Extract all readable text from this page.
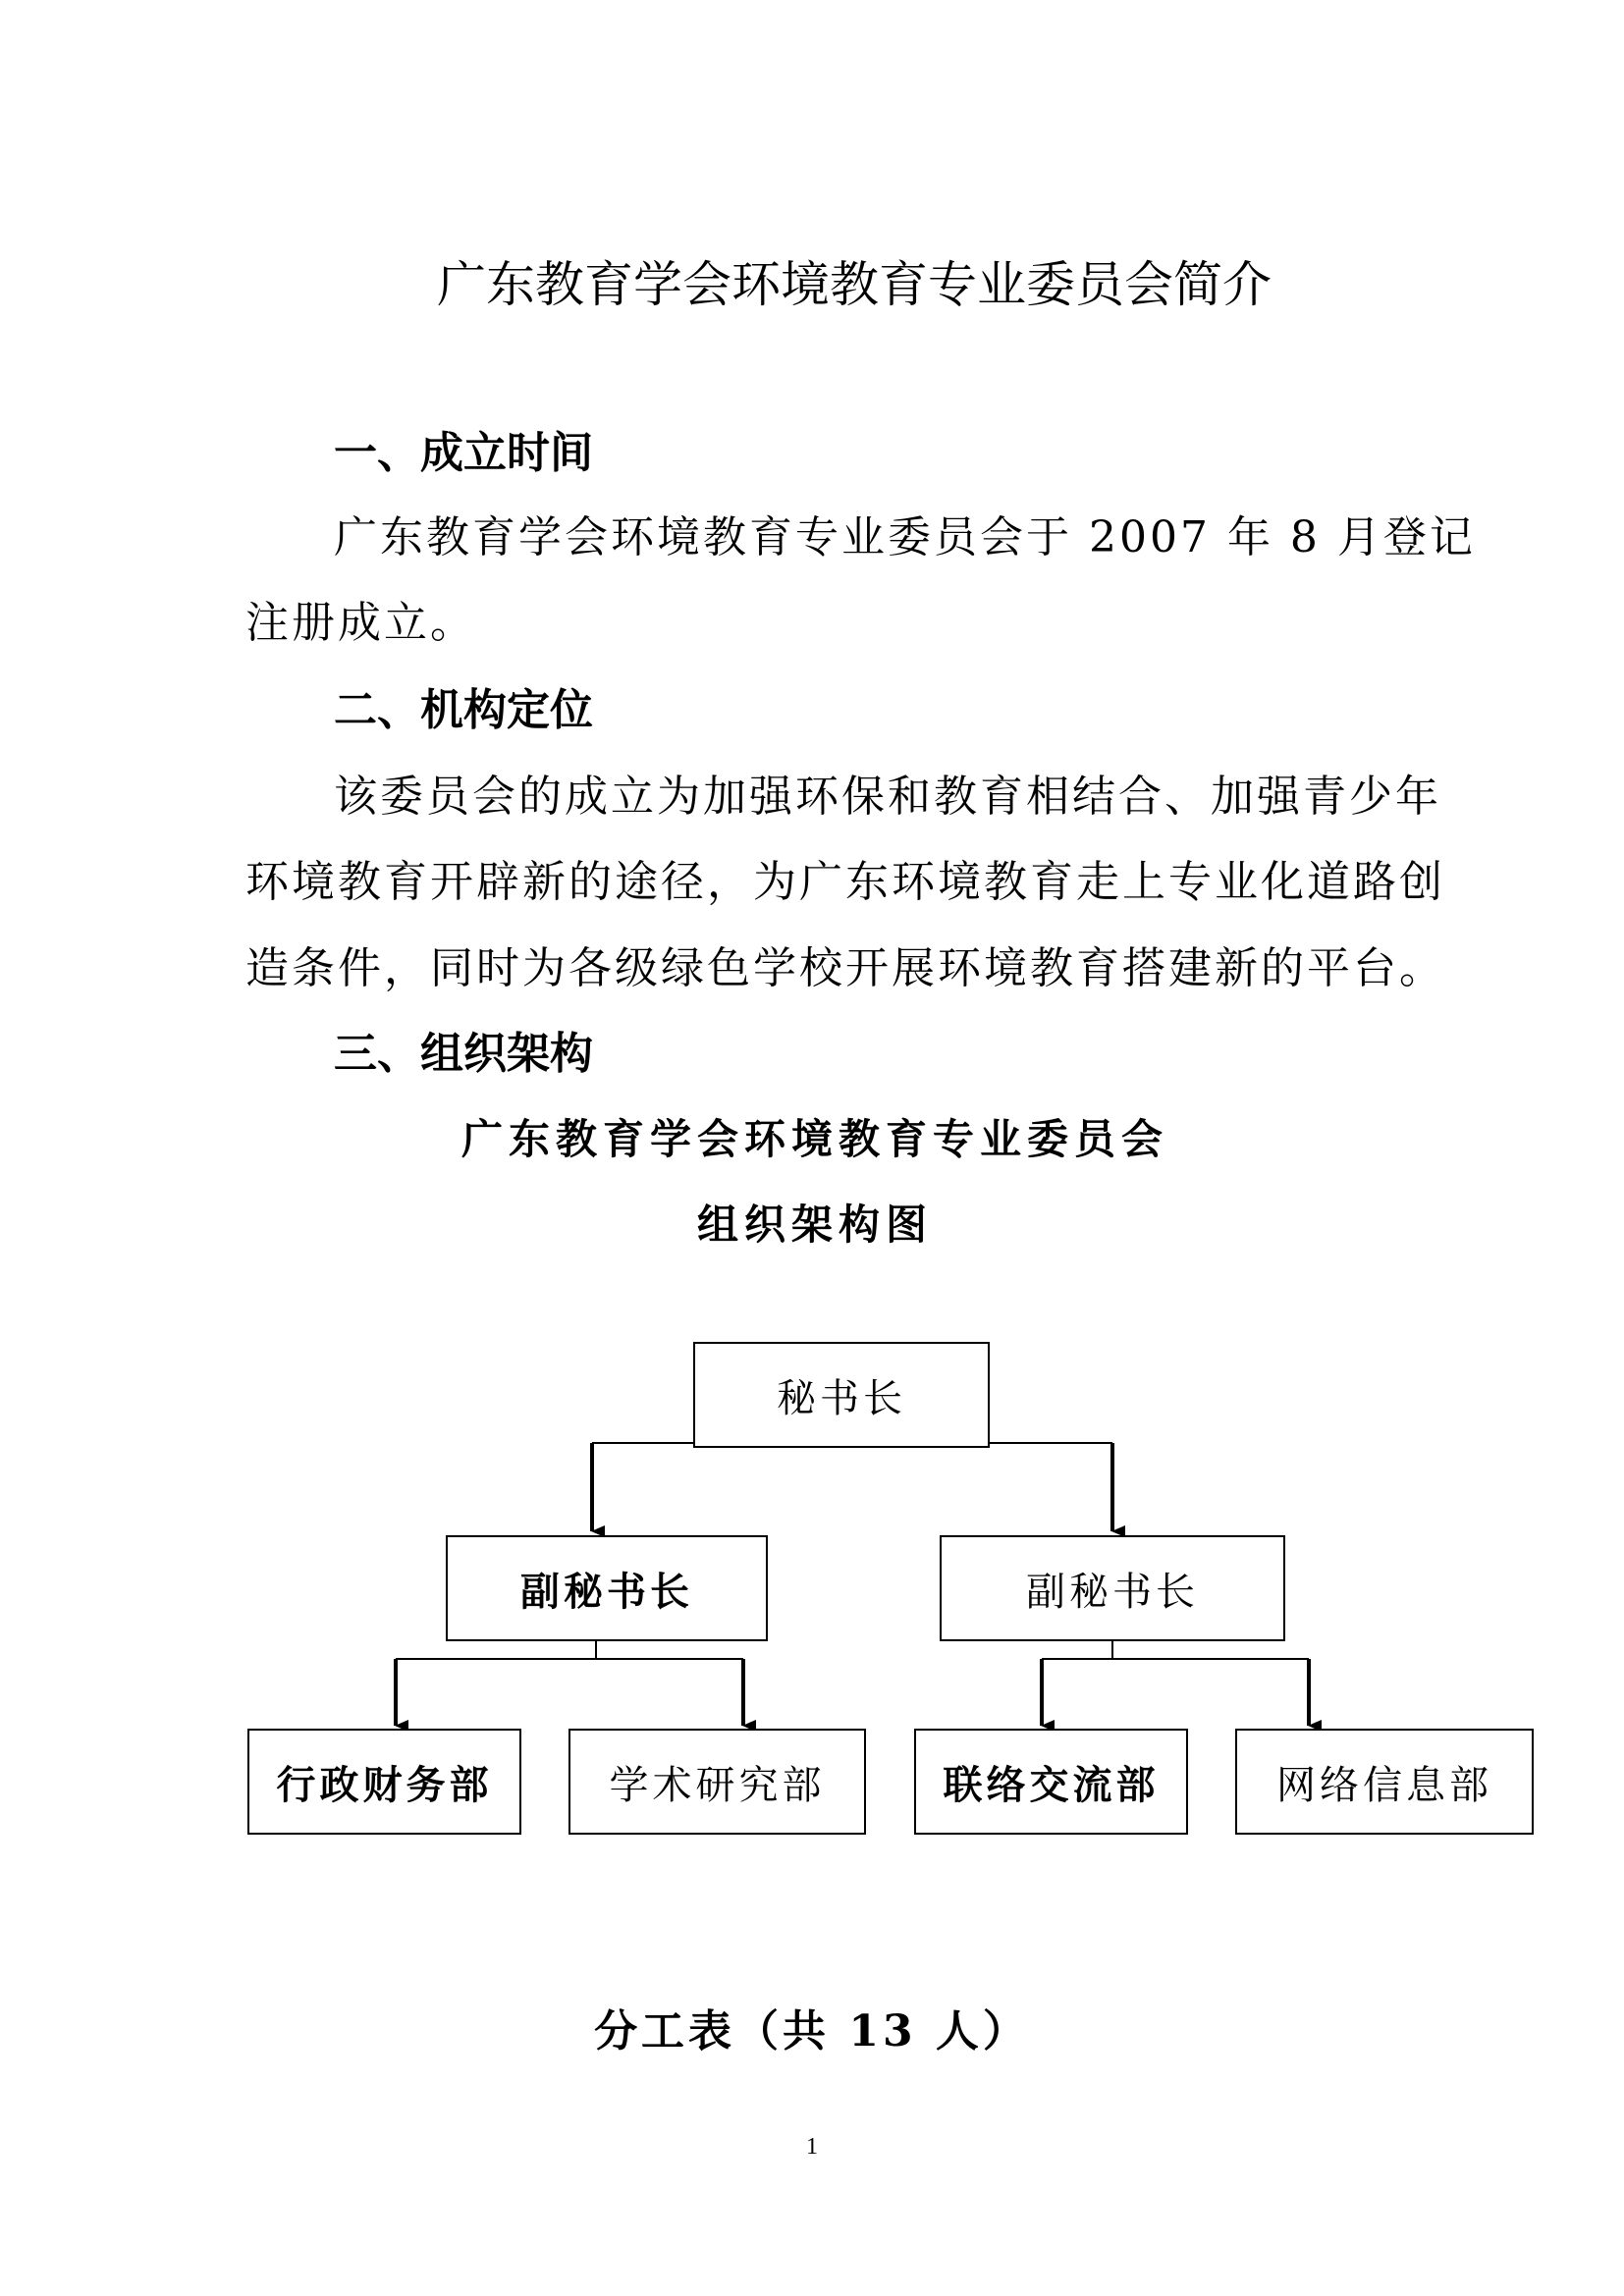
广东教育学会环境教育专业委员会简介
一、成立时间
广东教育学会环境教育专业委员会于 2007 年 8 月登记
注册成立。
二、机构定位
该委员会的成立为加强环保和教育相结合、加强青少年
环境教育开辟新的途径，为广东环境教育走上专业化道路创
造条件，同时为各级绿色学校开展环境教育搭建新的平台。
三、组织架构
广东教育学会环境教育专业委员会
组织架构图
秘书长
副秘书长	副秘书长
行政财务部	学术研究部	联络交流部	网络信息部
分工表（共 13 人）
1
